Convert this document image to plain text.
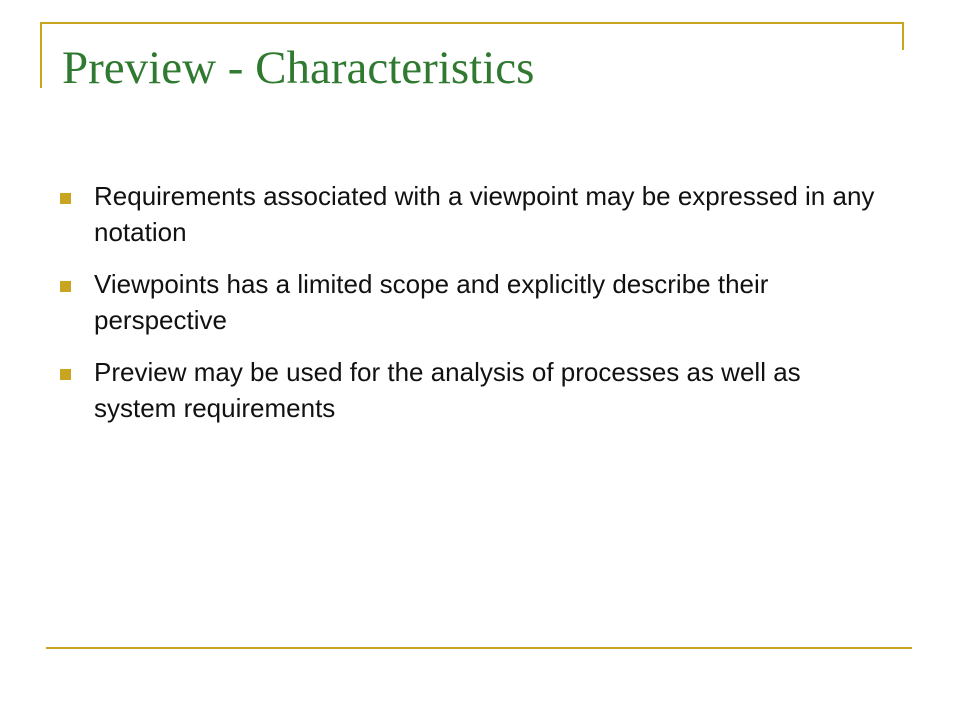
Preview - Characteristics
Requirements associated with a viewpoint may be expressed in any notation
Viewpoints has a limited scope and explicitly describe their perspective
Preview may be used for the analysis of processes as well as system requirements
